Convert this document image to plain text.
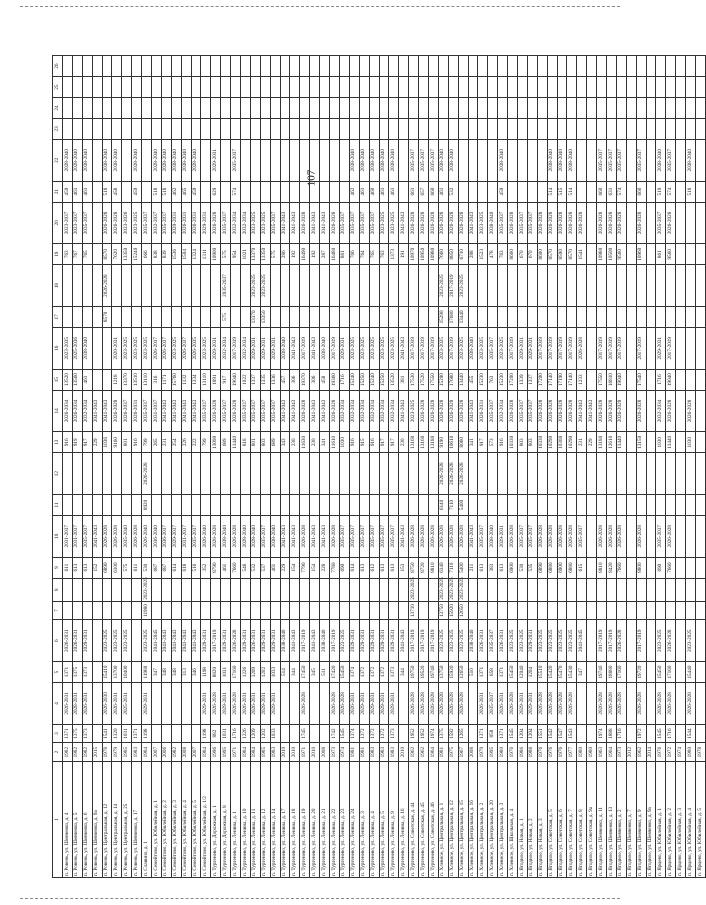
107
1	2	3	4	5	6	7	8	9	10	11	12	13	14	15	16	17	18	19	20	21	22	23	24	25	26
п. Ровень, ул. Шевченко, д. 4	1982	1371	2026-2031	1371	2026-2031			611	2031-2037			916	2026-2034	13520	2023-2035			763	2023-2037	459	2028-2040				
п. Ровень, ул. Шевченко, д. 5	1982	1375	2028-2031	1375	2026-2031			613	2031-2037			919	2026-2034	13560	2025-2036			767	2023-2037	461	2028-2040				
п. Ровень, ул. Шевченко, д. 6	1982	1373	2026-2031	1373	2029-2031			613	2035-2037			917	2032-2034	461	2038-2040			765	2035-2037	461	2038-2040				
п. Ровень, ул. Шевченко, д. 9а	2015							152	2041-2043			229	2041-2043												
п. Ровень, ул. Центральная, д. 12	1978	1541	2026-2030	15410	2023-2025			6890	2026-2028			1036	2041-2043			8570	2026-2028	8570	2026-2028	518	2038-2040				
п. Ровень, ул. Центральная, д. 14	1979	1320	2026-2031	13700	2023-2025			6100	2026-2028			9160	2026-2028	1218	2020-2031			7620	2026-2028	458	2038-2040				
п. Ровень, ул. Центральная, д. 25	1985	1031	2025-2031	10400	2023-2025			575	2035-2040			801	2026-2037	13370	2023-2025			13350	2023-2026						
п. Ровень, ул. Шевченко, д. 17	1983	1371						611	2026-2028			916	2026-2031	13510	2023-2025			15240	2023-2025	459	2028-2040				
п. Славино, д. 1	1984	1198	2029-2031	11980	2023-2025	11980	2023-2025	530	2026-2040	8920	2026-2028	799	2035-2037	13110	2023-2025			666	2035-2037						
п. Семейтово, ул. Юбилейная, д. 1	2007			347	2041-2045			687	2036-2040			265	2031-2037	316	2026-2037			838	2032-2037	518	2028-2040				
п. Семейтово, ул. Юбилейная, д. 2	2006			348	2041-2043			687	2036-2037			231	2041-2043	1171	2026-2037			839	2035-2037	518	2028-2040				
п. Семейтово, ул. Юбилейная, д. 3	1982			348	2041-2043			614	2029-2037			254	2041-2043	15760	2023-2025			1536	2020-2031	462	2038-2040				
п. Семейтово, ул. Юбилейная, д. 4	2008			313	2041-2043			618	2031-2037			226	2041-2043	1132	2026-2037			1504	2026-2031	465	2038-2040				
п. Семейтово, ул. Юбилейная, д. 5	2007			346	2041-2043			516	2035-2037			222	2041-2043	1334	2026-2035			1324	2026-2031	459	2028-2040				
п. Семейтово, ул. Юбилейная, д. 1/2	1984	1198	2029-2031	1198	2029-2031			352	2026-2040			799	2035-2037	13110	2023-2025			1311	2029-2031						
п. Тургенево, ул. Дорожная, д. 1	1996	882	2026-2028	8820	2017-2019			8790	2026-2028			13090	2026-2028	1091	2029-2031			10900	2026-2028	629	2029-2031				
п. Тургенево, ул. Дорожная, д. 8	1995	1031	2029-2031	1031	2029-2031			461	2038-2040			689	2035-2037	917	2032-2034	575	2035-2037	575	2035-2037						
п. Тургенево, ул. Ленина, д. 1	1971	1716	2026-2028	17160	2026-2028			7660	2026-2028			11440	2026-2028	19040	2017-2019			954	2032-2034	574	2035-2037				
п. Тургенево, ул. Ленина, д. 10	1984	1226	2026-2031	1226	2029-2031			548	2028-2040			818	2035-2037	1022	2032-2034			1021	2032-2034						
п. Тургенево, ул. Ленина, д. 11	1984	1209	2026-2031	1209	2026-2031			532	2028-2040			801	2035-2037	1337	2029-2031	13370	2023-2025	13370	2023-2025						
п. Тургенево, ул. Ленина, д. 12	1985	1202	2029-2031	1202	2029-2031			537	2035-2037			803	2035-2037	1335	2029-2031	13350	2023-2025	13350	2023-2025						
п. Тургенево, ул. Ленина, д. 14	1983	1033	2029-2031	1033	2029-2031			461	2038-2040			689	2035-2037	1336	2029-2031			575	2035-2037						
п. Тургенево, ул. Ленина, д. 17	2010			514	2038-2040			229	2041-2043			343	2041-2043	457	2038-2040			286	2041-2043						
п. Тургенево, ул. Ленина, д. 18	2010			344	2041-2043			154	2041-2043			230	2041-2043	306	2041-2043			192	2041-2043						
п. Тургенево, ул. Ленина, д. 19	1971	1745	2026-2028	17450	2017-2019			7790	2026-2028			11630	2026-2028	19370	2017-2019			16490	2026-2028						
п. Тургенево, ул. Ленина, д. 20	2010			345	2041-2043			154	2041-2043			230	2041-2043	306	2041-2043			192	2041-2043						
п. Тургенево, ул. Ленина, д. 21	2008			511	2038-2040			228	2041-2043			341	2041-2043	458	2038-2040			287	2041-2043						
п. Тургенево, ул. Ленина, д. 22	1973	1742	2026-2028	17420	2017-2019			7780	2026-2028			11610	2026-2028	19360	2017-2019			16480	2026-2028						
п. Тургенево, ул. Ленина, д. 23	1974	1545	2026-2028	15450	2023-2025			690	2035-2037			1030	2032-2034	1716	2029-2031			861	2035-2037						
п. Тургенево, ул. Ленина, д. 24	1981	1374	2026-2031	1374	2029-2031			614	2035-2037			916	2032-2034	15240	2023-2025			766	2035-2037	462	2038-2040				
п. Тургенево, ул. Ленина, д. 3	1981	1372	2029-2031	1372	2029-2031			613	2035-2037			915	2032-2034	15250	2023-2025			764	2035-2037	461	2038-2040				
п. Тургенево, ул. Ленина, д. 4	1983	1372	2029-2031	1372	2029-2031			612	2035-2037			916	2032-2034	15240	2023-2025			765	2035-2037	460	2038-2040				
п. Тургенево, ул. Ленина, д. 5	1983	1372	2029-2031	1372	2029-2031			613	2035-2037			917	2032-2034	15250	2023-2025			763	2023-2025	461	2038-2040				
п. Тургенево, ул. Ленина, д. 9	1983	1373	2029-2031	1373	2029-2031			613	2035-2037			917	2032-2034	13520	2023-2025			1373	2023-2025	461	2038-2040				
п. Тургенево, ул. Ленина, д. 16	2010			344	2041-2043			153	2041-2043			230	2041-2043	381	2041-2043			191	2041-2043						
п. Тургенево, ул. Советская, д. 44	1962	1952	2026-2028	19750	2017-2019	13710	2023-2025	8750	2026-2028			13160	2023-2025	17530	2017-2019			10970	2026-2028	661	2035-2037				
п. Тургенево, ул. Советская, д. 45	1962	1952	2026-2028	19520	2017-2019			8720	2026-2028			13160	2026-2028	17520	2017-2019			10950	2026-2028	657	2035-2037				
п. Тургенево, ул. Советская, д. 46	1964	1974	2026-2028	19740	2017-2019			8810	2026-2028			13180	2026-2028	17550	2017-2019			10980	2026-2028	660	2035-2037				
п. Хлевное, ул. Центральная, д. 1	1981	1375	2026-2028	13750	2023-2025	13750	2023-2025	6140	2026-2028	6140	2026-2028	9190	2026-2028	15290	2023-2025	15290	2023-2025	7660	2026-2028	461	2038-2040				
п. Хлевное, ул. Центральная, д. 12	1975	1592	2026-2028	15920	2023-2025	15920	2023-2025	7110	2026-2028	7110	2026-2028	10610	2026-2028	17680	2017-2019	17680	2017-2019	8850	2026-2028	532	2038-2040				
п. Хлевное, ул. Центральная, д. 15	1967	1265	2026-2028	12650	2023-2025	12650	2023-2025	5400	2026-2028	5400	2026-2028	8060	2026-2028	13440	2023-2025	13440	2023-2025	6710	2026-2028						
п. Хлевное, ул. Центральная, д. 16	2008			510	2038-2040			211	2041-2043			341	2041-2043	455	2038-2040			288	2041-2043						
п. Хлевное, ул. Центральная, д. 2	1979	1371	2026-2031	1371	2026-2031			613	2035-2037			917	2026-2031	15230	2023-2025			1523	2023-2025						
п. Хлевное, ул. Центральная, д. 20	1995	858	2035-2037	858	2035-2037			383	2038-2040			573	2035-2037	763	2035-2037			478	2038-2040						
п. Хлевное, ул. Центральная, д. 3	1980	1371	2026-2031	1371	2026-2031			613	2029-2031			916	2032-2034	15230	2023-2025			763	2035-2037	459	2038-2040				
п. Хлевное, ул. Школьная, д. 4	1976	1545	2026-2028	15450	2023-2025			6900	2026-2028			10330	2026-2028	17200	2017-2019			8600	2026-2028						
п. Ягодное, ул. Новая, д. 1	1986	1204	2029-2031	12040	2023-2025			530	2035-2037			803	2035-2037	1339	2029-2031			670	2035-2037						
п. Ягодное, ул. Новая, д. 2	1988	1204	2029-2031	1204	2029-2031			535	2035-2037			803	2035-2037	1337	2029-2031			670	2035-2037						
п. Ягодное, ул. Новая, д. 3	1976	1551	2026-2028	15510	2023-2025			6890	2026-2028			10330	2026-2028	17200	2017-2019			8600	2026-2028						
п. Ягодное, ул. Советская, д. 5	1976	1542	2026-2028	15420	2023-2025			6880	2026-2028			10290	2026-2028	17140	2017-2019			8570	2026-2028	514	2038-2040				
п. Ягодное, ул. Советская, д. 6	1976	1547	2026-2028	15470	2023-2025			6900	2026-2028			10300	2026-2028	17190	2017-2019			8590	2026-2028	515	2038-2040				
п. Ягодное, ул. Советская, д. 7	1977	1543	2026-2028	15430	2023-2025			6880	2026-2028			10290	2026-2028	17140	2017-2019			8570	2026-2028	514	2038-2040				
п. Ягодное, ул. Советская, д. 8	1980			347	2041-2045			615	2035-2037			231	2041-2043	1233	2026-2028			1541	2026-2028						
п. Ягодное, ул. Советская, д. 9а	1980											229	2041-2043												
п. Ягодное, ул. Шевченко, д. 11	1963	1974	2026-2028	19740	2017-2019			8810	2026-2028			13180	2026-2028	17550	2017-2019			10980	2026-2028	660	2035-2037				
п. Ягодное, ул. Шевченко, д. 13	1964	1888	2026-2028	18880	2017-2019			8420	2026-2028			12610	2026-2028	16810	2017-2019			10500	2026-2028	631	2035-2037				
п. Ягодное, ул. Шевченко, д. 2	1973	1716	2026-2028	17160	2026-2028			7660	2026-2028			11440	2026-2028	19040	2017-2019			9560	2026-2028	574	2035-2037				
п. Ягодное, ул. Шевченко, д. 7	2012																								
п. Ягодное, ул. Шевченко, д. 9	1962	1972	2026-2028	19720	2017-2019			8800	2026-2028			13150	2026-2028	17540	2017-2019			10960	2026-2028	660	2035-2037				
п. Ягодное, ул. Шевченко, д. 9а	2014																								
п. Ярцево, ул. Юбилейная, д. 1	1976	1545	2026-2028	15450	2023-2025			690	2035-2037			1030	2032-2034	1716	2029-2031			861	2035-2037	519	2038-2040				
п. Ярцево, ул. Юбилейная, д. 2	1972	1716	2026-2028	17160	2026-2028			7660	2026-2028			11440	2026-2028	19040	2017-2019			9560	2026-2028	574	2035-2037				
п. Ярцево, ул. Юбилейная, д. 3	1974																								
п. Ярцево, ул. Юбилейная, д. 4	1980	1544	2026-2028	15440	2023-2025							1030	2026-2028							518	2038-2040				
п. Ярцево, ул. Юбилейная, д. 5	1978																								
